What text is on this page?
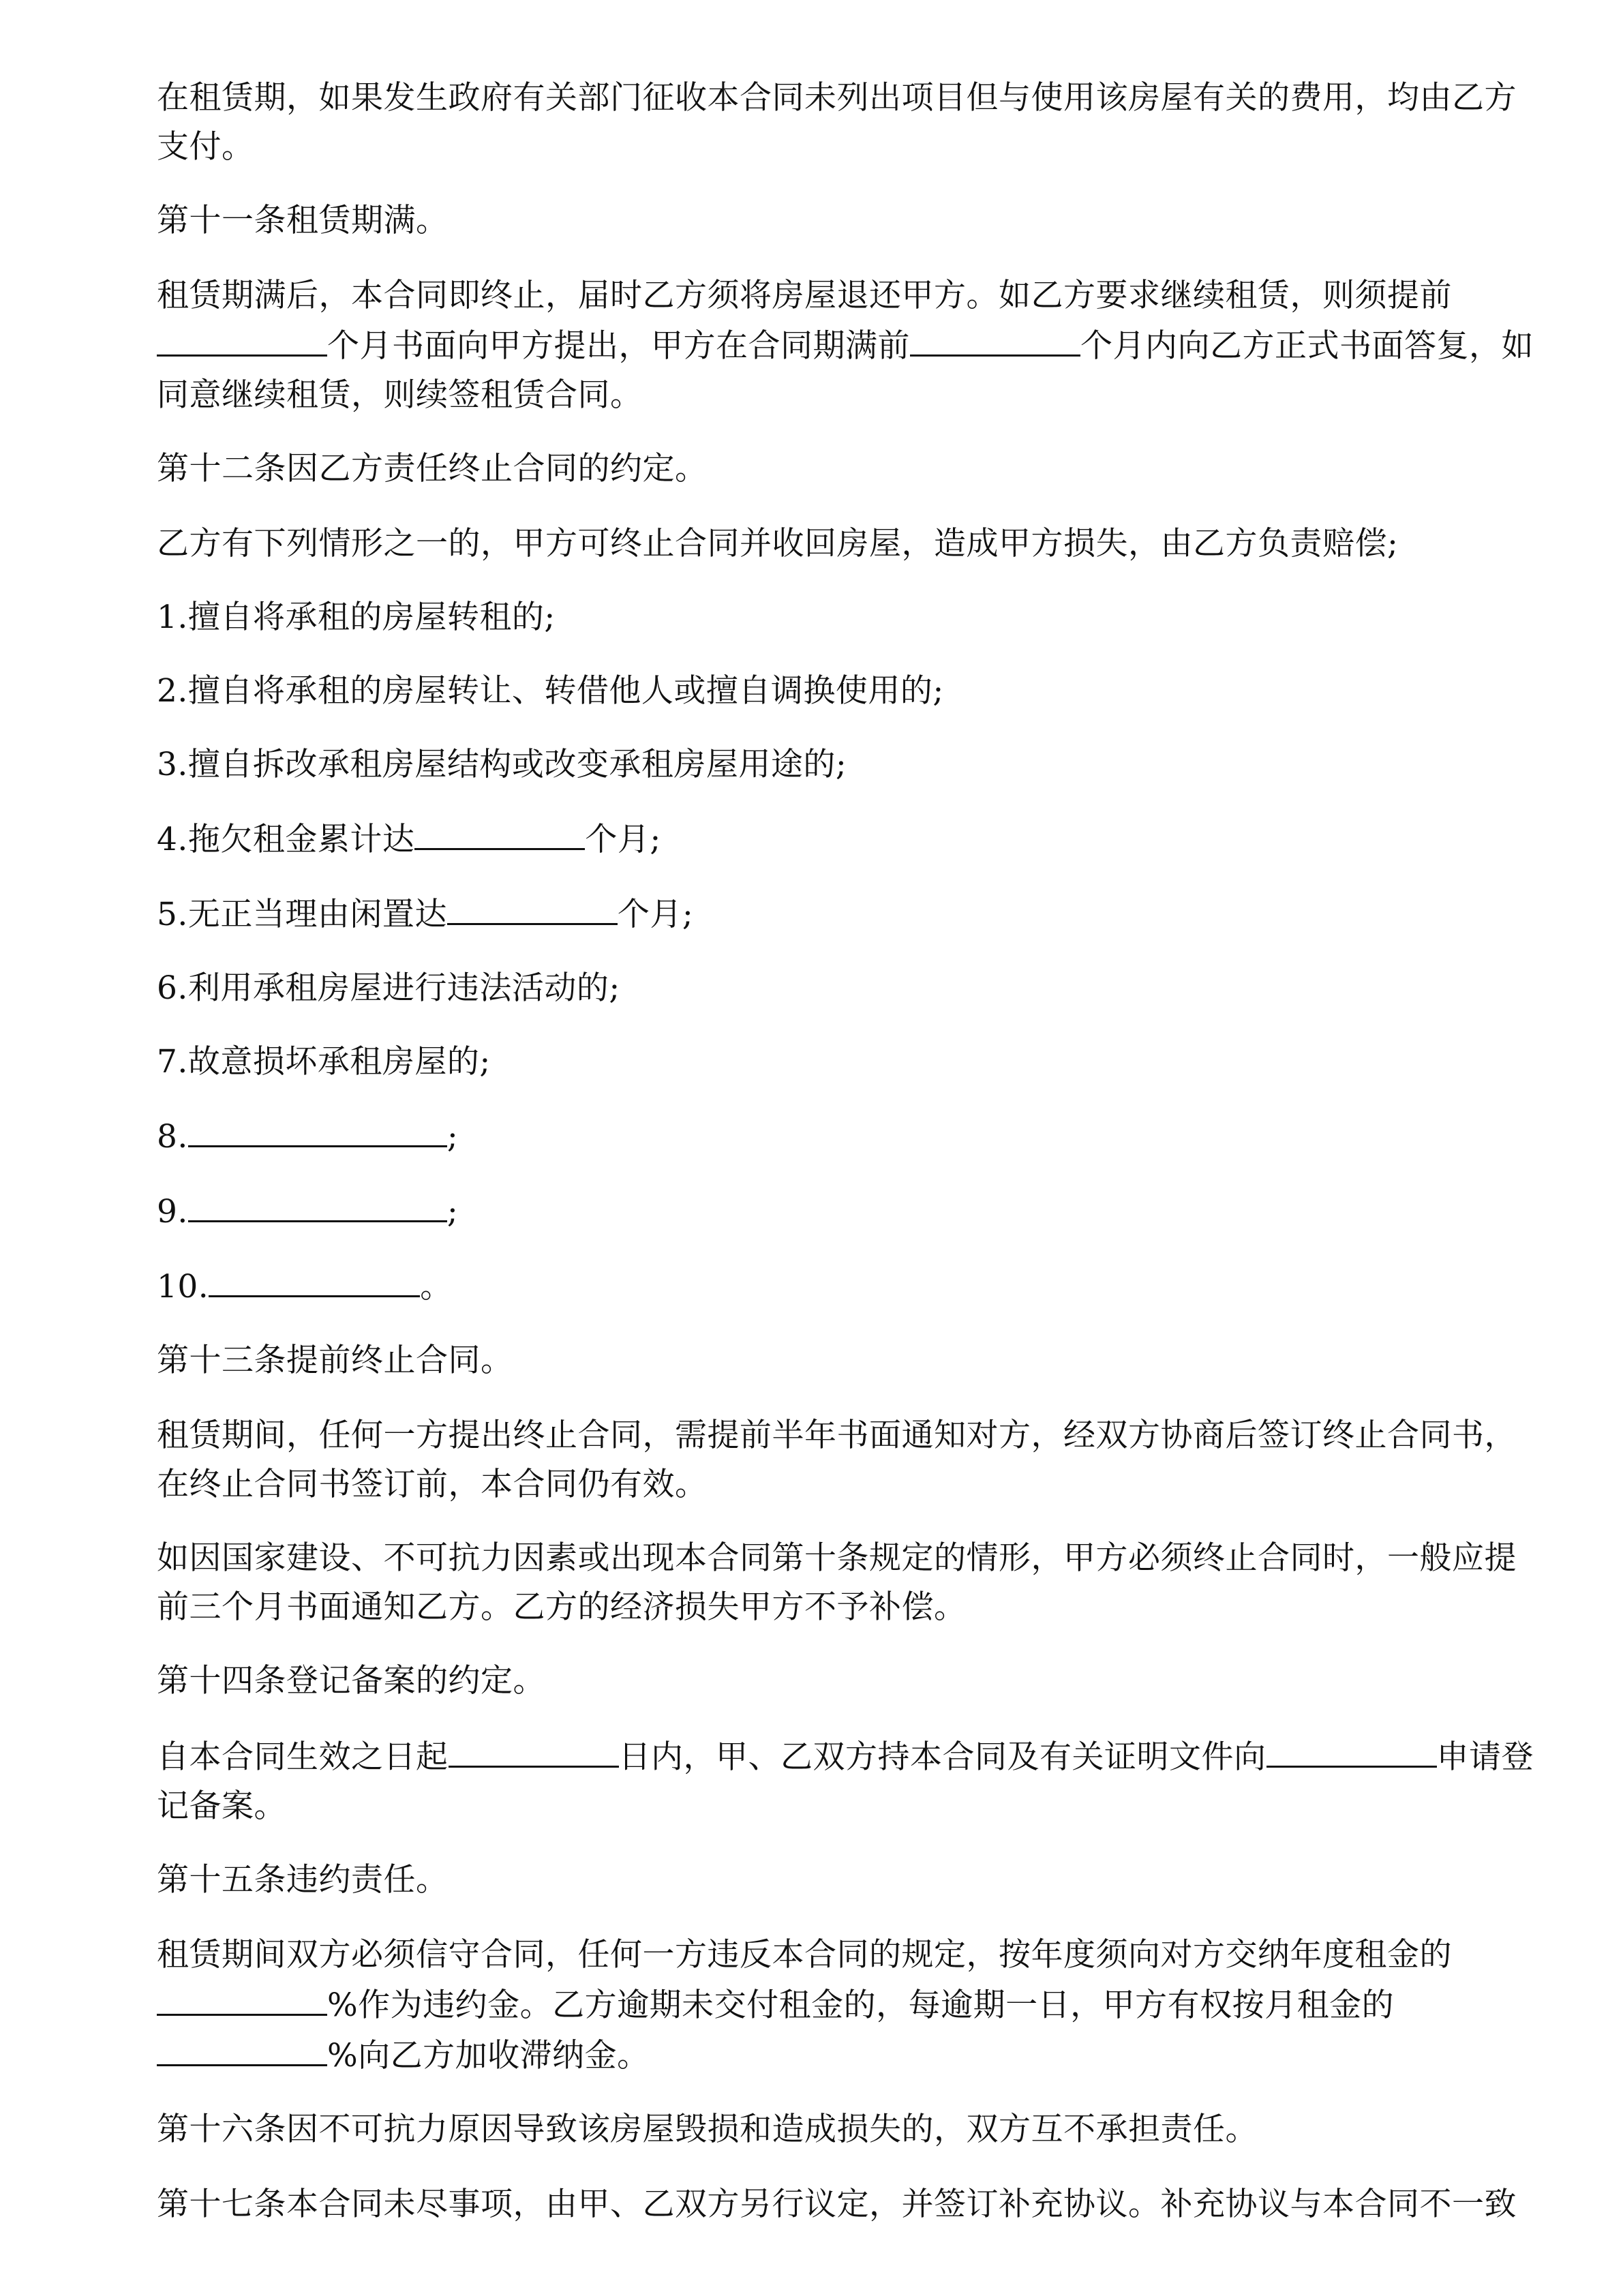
在租赁期，如果发生政府有关部门征收本合同未列出项目但与使用该房屋有关的费用，均由乙方支付。

第十一条租赁期满。

租赁期满后，本合同即终止，届时乙方须将房屋退还甲方。如乙方要求继续租赁，则须提前个月书面向甲方提出，甲方在合同期满前	个月内向乙方正式书面答复，如同意继续租赁，则续签租赁合同。

第十二条因乙方责任终止合同的约定。

乙方有下列情形之一的，甲方可终止合同并收回房屋，造成甲方损失，由乙方负责赔偿;

1.擅自将承租的房屋转租的;

2.擅自将承租的房屋转让、转借他人或擅自调换使用的;

3.擅自拆改承租房屋结构或改变承租房屋用途的;

4.拖欠租金累计达	个月;

5.无正当理由闲置达	个月;

6.利用承租房屋进行违法活动的;

7.故意损坏承租房屋的;

8.	;

9.	;

10.	。

第十三条提前终止合同。

租赁期间，任何一方提出终止合同，需提前半年书面通知对方，经双方协商后签订终止合同书，在终止合同书签订前，本合同仍有效。

如因国家建设、不可抗力因素或出现本合同第十条规定的情形，甲方必须终止合同时，一般应提前三个月书面通知乙方。乙方的经济损失甲方不予补偿。

第十四条登记备案的约定。

自本合同生效之日起	日内，甲、乙双方持本合同及有关证明文件向	申请登记备案。

第十五条违约责任。

租赁期间双方必须信守合同，任何一方违反本合同的规定，按年度须向对方交纳年度租金的%作为违约金。乙方逾期未交付租金的，每逾期一日，甲方有权按月租金的%向乙方加收滞纳金。

第十六条因不可抗力原因导致该房屋毁损和造成损失的，双方互不承担责任。

第十七条本合同未尽事项，由甲、乙双方另行议定，并签订补充协议。补充协议与本合同不一致
